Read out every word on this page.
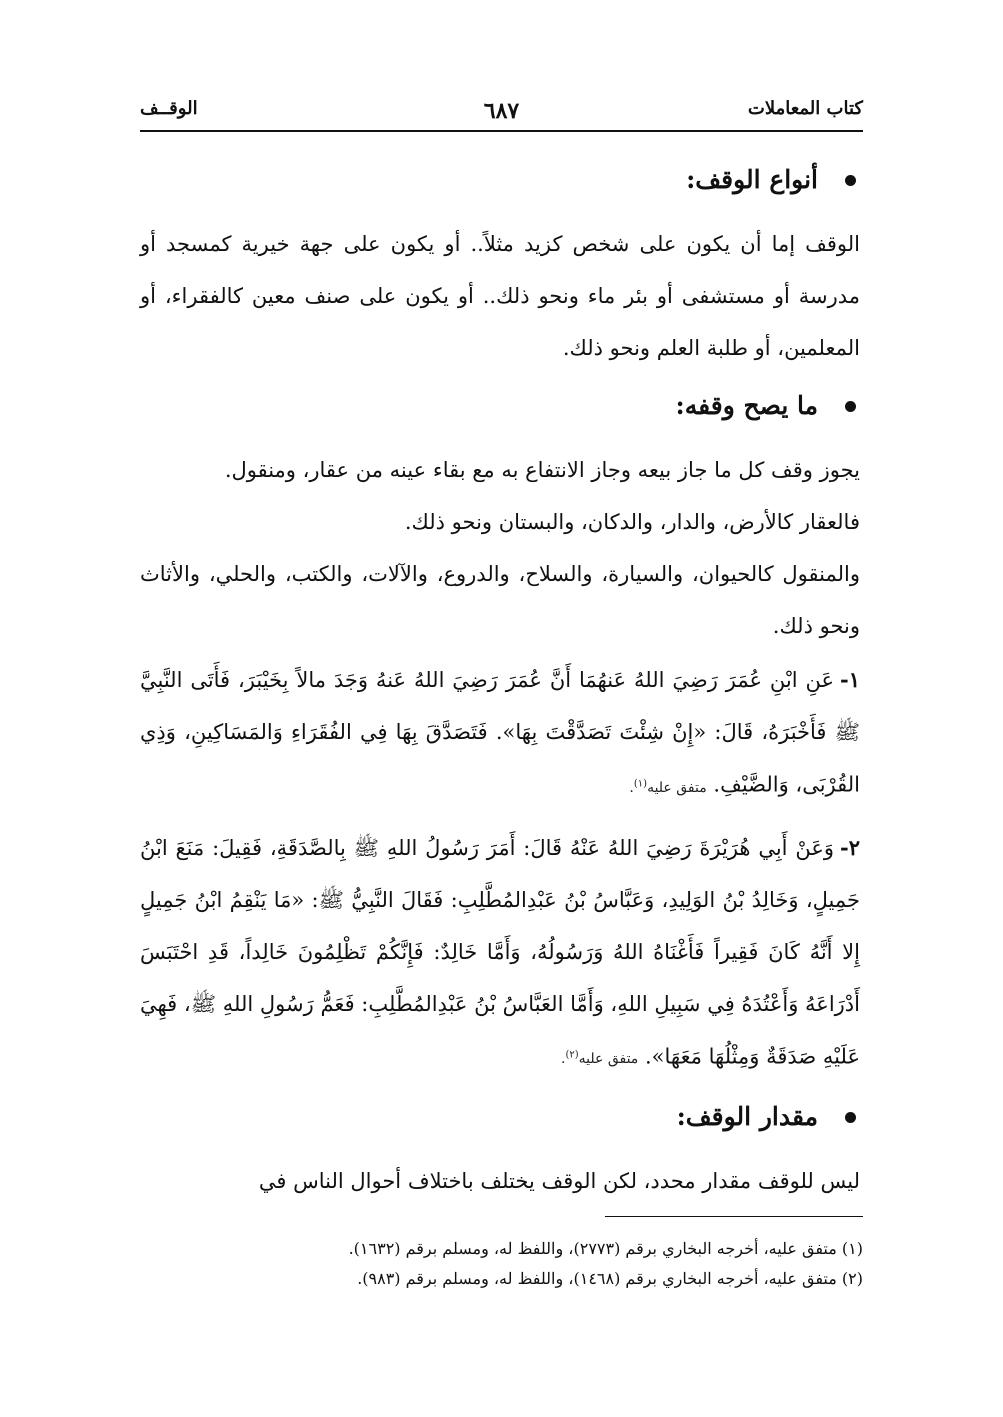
كتاب المعاملات
٦٨٧
الوقــف
أنواع الوقف:

الوقف إما أن يكون على شخص كزيد مثلاً.. أو يكون على جهة خيرية كمسجد أو مدرسة أو مستشفى أو بئر ماء ونحو ذلك.. أو يكون على صنف معين كالفقراء، أو المعلمين، أو طلبة العلم ونحو ذلك.

ما يصح وقفه:

يجوز وقف كل ما جاز بيعه وجاز الانتفاع به مع بقاء عينه من عقار، ومنقول.

فالعقار كالأرض، والدار، والدكان، والبستان ونحو ذلك.

والمنقول كالحيوان، والسيارة، والسلاح، والدروع، والآلات، والكتب، والحلي، والأثاث ونحو ذلك.

١-عَنِ ابْنِ عُمَرَ رَضِيَ اللهُ عَنهُمَا أَنَّ عُمَرَ رَضِيَ اللهُ عَنهُ وَجَدَ مالاً بِخَيْبَرَ، فَأَتَى النَّبِيَّ ﷺ فَأَخْبَرَهُ، قَالَ: «إِنْ شِئْتَ تَصَدَّقْتَ بِهَا». فَتَصَدَّقَ بِهَا فِي الفُقَرَاءِ وَالمَسَاكِينِ، وَذِي القُرْبَى، وَالضَّيْفِ. متفق عليه$^{(١)}$.

٢-وَعَنْ أَبِي هُرَيْرَةَ رَضِيَ اللهُ عَنْهُ قَالَ: أَمَرَ رَسُولُ اللهِ ﷺ بِالصَّدَقَةِ، فَقِيلَ: مَنَعَ ابْنُ جَمِيلٍ، وَخَالِدُ بْنُ الوَلِيدِ، وَعَبَّاسُ بْنُ عَبْدِالمُطَّلِبِ: فَقَالَ النَّبِيُّ ﷺ: «مَا يَنْقِمُ ابْنُ جَمِيلٍ إِلا أَنَّهُ كَانَ فَقِيراً فَأَغْنَاهُ اللهُ وَرَسُولُهُ، وَأَمَّا خَالِدٌ: فَإِنَّكُمْ تَظْلِمُونَ خَالِداً، قَدِ احْتَبَسَ أَدْرَاعَهُ وَأَعْتُدَهُ فِي سَبِيلِ اللهِ، وَأَمَّا العَبَّاسُ بْنُ عَبْدِالمُطَّلِبِ: فَعَمُّ رَسُولِ اللهِ ﷺ، فَهِيَ عَلَيْهِ صَدَقَةٌ وَمِثْلُهَا مَعَهَا». متفق عليه$^{(٢)}$.

مقدار الوقف:

ليس للوقف مقدار محدد، لكن الوقف يختلف باختلاف أحوال الناس في

(١) متفق عليه، أخرجه البخاري برقم (٢٧٧٣)، واللفظ له، ومسلم برقم (١٦٣٢).
(٢) متفق عليه، أخرجه البخاري برقم (١٤٦٨)، واللفظ له، ومسلم برقم (٩٨٣).
